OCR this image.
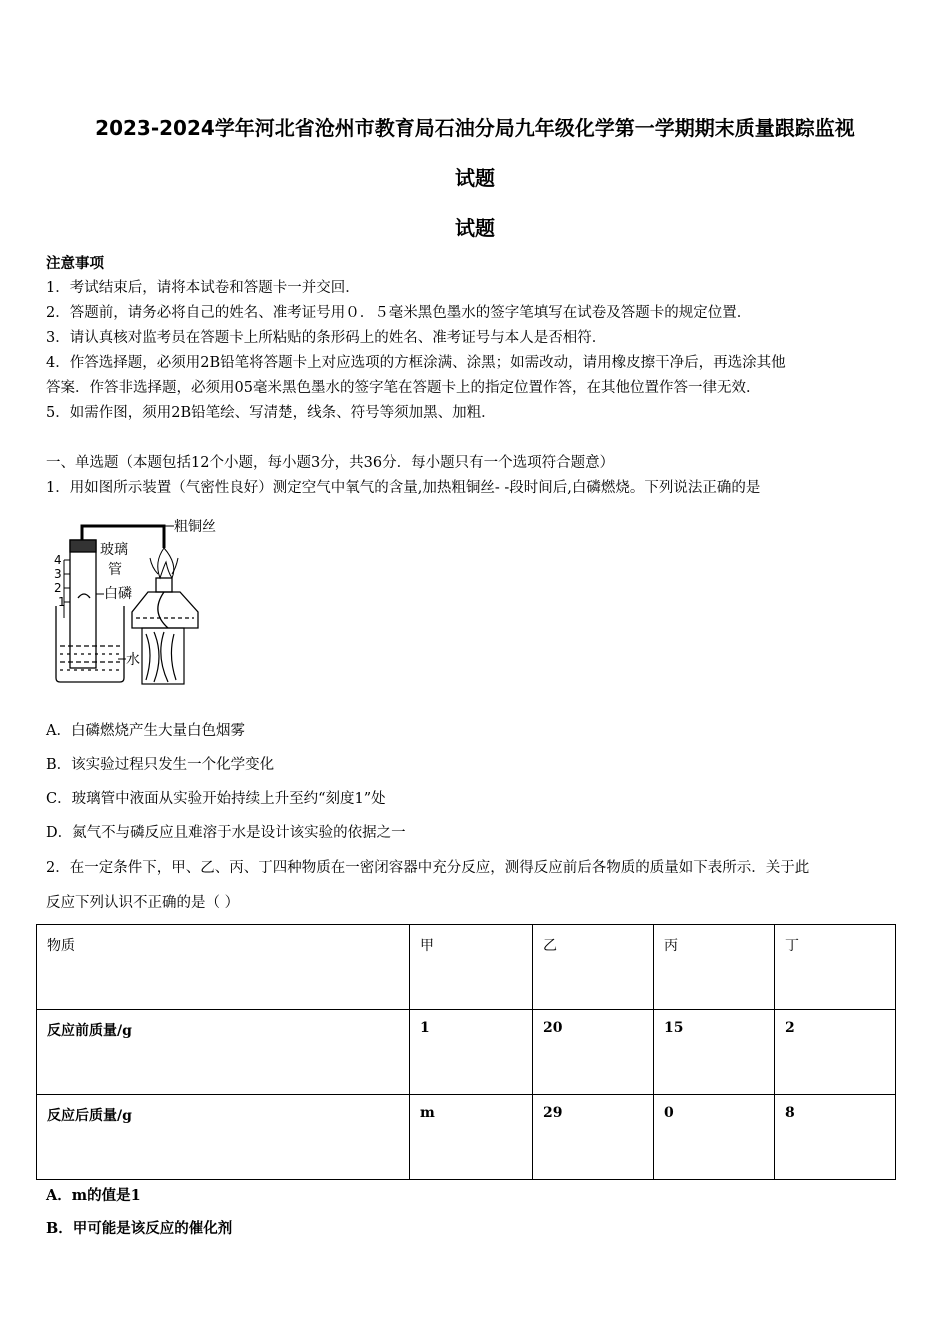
2023-2024学年河北省沧州市教育局石油分局九年级化学第一学期期末质量跟踪监视
试题
试题
注意事项
1．考试结束后，请将本试卷和答题卡一并交回．
2．答题前，请务必将自己的姓名、准考证号用０．５毫米黑色墨水的签字笔填写在试卷及答题卡的规定位置．
3．请认真核对监考员在答题卡上所粘贴的条形码上的姓名、准考证号与本人是否相符．
4．作答选择题，必须用2B铅笔将答题卡上对应选项的方框涂满、涂黑；如需改动，请用橡皮擦干净后，再选涂其他
答案．作答非选择题，必须用05毫米黑色墨水的签字笔在答题卡上的指定位置作答，在其他位置作答一律无效．
5．如需作图，须用2B铅笔绘、写清楚，线条、符号等须加黑、加粗．
一、单选题（本题包括12个小题，每小题3分，共36分．每小题只有一个选项符合题意）
1．用如图所示装置（气密性良好）测定空气中氧气的含量,加热粗铜丝- -段时间后,白磷燃烧。下列说法正确的是
4
3
2
1
粗铜丝
玻璃
管
白磷
水
A．白磷燃烧产生大量白色烟雾
B．该实验过程只发生一个化学变化
C．玻璃管中液面从实验开始持续上升至约“刻度1”处
D．氮气不与磷反应且难溶于水是设计该实验的依据之一
2．在一定条件下，甲、乙、丙、丁四种物质在一密闭容器中充分反应，测得反应前后各物质的质量如下表所示．关于此
反应下列认识不正确的是（ ）
物质	甲	乙	丙	丁
反应前质量/g	1	20	15	2
反应后质量/g	m	29	0	8
A．m的值是1
B．甲可能是该反应的催化剂
